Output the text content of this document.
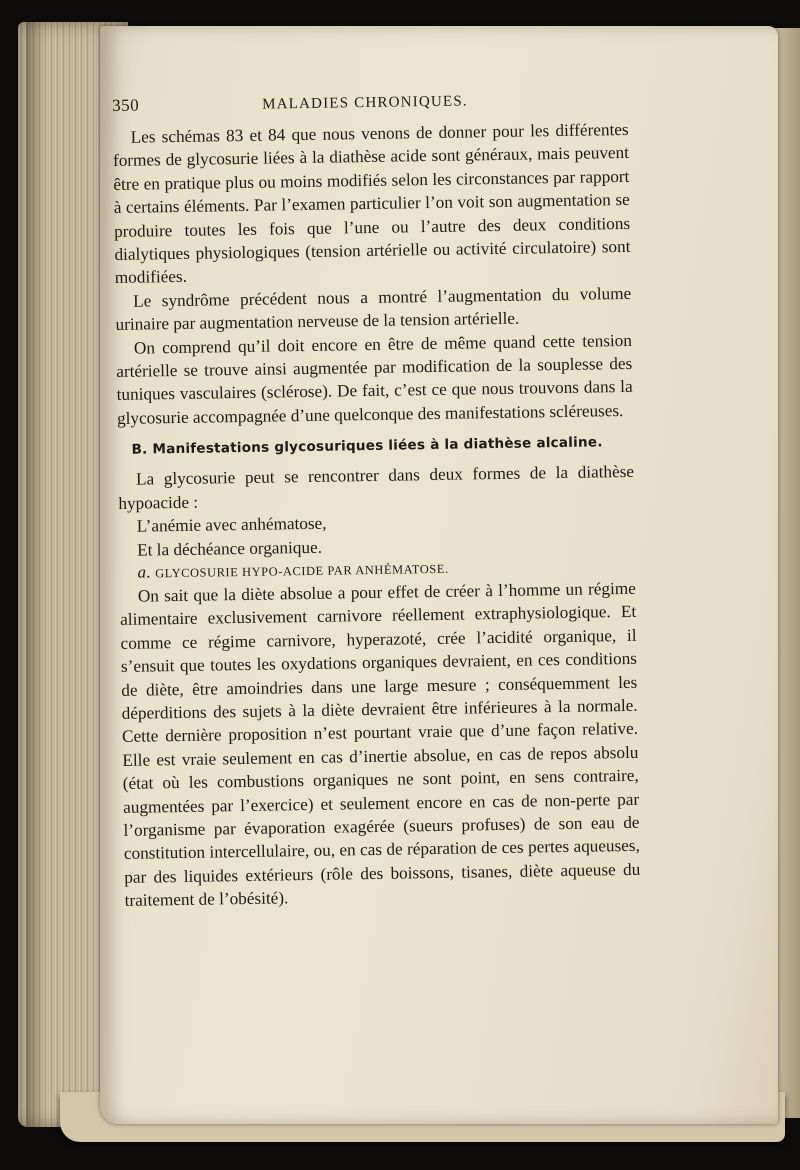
350	MALADIES CHRONIQUES.

Les schémas 83 et 84 que nous venons de donner pour les différentes formes de glycosurie liées à la diathèse acide sont généraux, mais peuvent être en pratique plus ou moins modifiés selon les circonstances par rapport à certains éléments. Par l’examen particulier l’on voit son augmentation se produire toutes les fois que l’une ou l’autre des deux conditions dialytiques physiologiques (tension artérielle ou activité circulatoire) sont modifiées.

Le syndrôme précédent nous a montré l’augmentation du volume urinaire par augmentation nerveuse de la tension artérielle.

On comprend qu’il doit encore en être de même quand cette tension artérielle se trouve ainsi augmentée par modification de la souplesse des tuniques vasculaires (sclérose). De fait, c’est ce que nous trouvons dans la glycosurie accompagnée d’une quelconque des manifestations scléreuses.

B. Manifestations glycosuriques liées à la diathèse alcaline.

La glycosurie peut se rencontrer dans deux formes de la diathèse hypoacide :

L’anémie avec anhématose,
Et la déchéance organique.
a. GLYCOSURIE HYPO-ACIDE PAR ANHÉMATOSE.

On sait que la diète absolue a pour effet de créer à l’homme un régime alimentaire exclusivement carnivore réellement extraphysiologique. Et comme ce régime carnivore, hyperazoté, crée l’acidité organique, il s’ensuit que toutes les oxydations organiques devraient, en ces conditions de diète, être amoindries dans une large mesure ; conséquemment les déperditions des sujets à la diète devraient être inférieures à la normale. Cette dernière proposition n’est pourtant vraie que d’une façon relative. Elle est vraie seulement en cas d’inertie absolue, en cas de repos absolu (état où les combustions organiques ne sont point, en sens contraire, augmentées par l’exercice) et seulement encore en cas de non-perte par l’organisme par évaporation exagérée (sueurs profuses) de son eau de constitution intercellulaire, ou, en cas de réparation de ces pertes aqueuses, par des liquides extérieurs (rôle des boissons, tisanes, diète aqueuse du traitement de l’obésité).
